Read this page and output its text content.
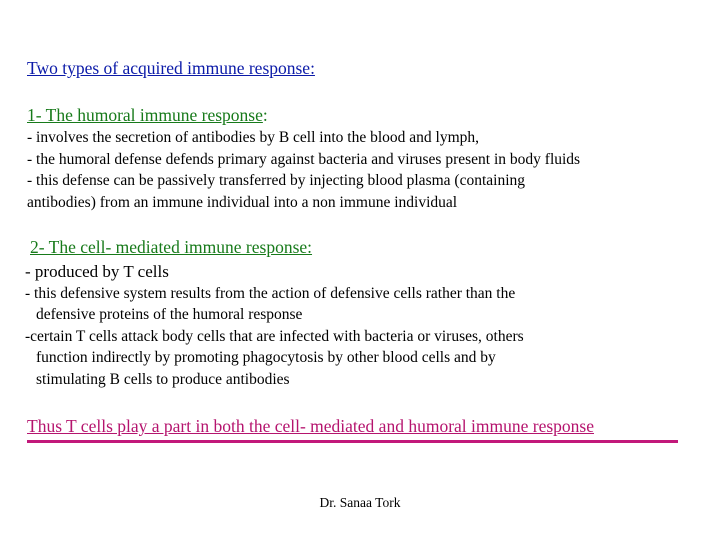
Two types of acquired immune response:
1- The humoral immune response:
- involves the secretion of antibodies by B cell into the blood and lymph,
- the humoral defense defends primary against bacteria and viruses present in body fluids
- this defense can be passively transferred by injecting blood plasma (containing
antibodies) from an immune individual into a non immune individual
2- The cell- mediated immune response:
- produced by T cells
- this defensive system results from the action of defensive cells rather than the
defensive proteins of the humoral response
-certain T cells attack body cells that are infected with bacteria or viruses, others
function indirectly by promoting phagocytosis by other blood cells and by
stimulating B cells to produce antibodies
Thus T cells play a part in both the cell- mediated and humoral immune response
Dr. Sanaa Tork
